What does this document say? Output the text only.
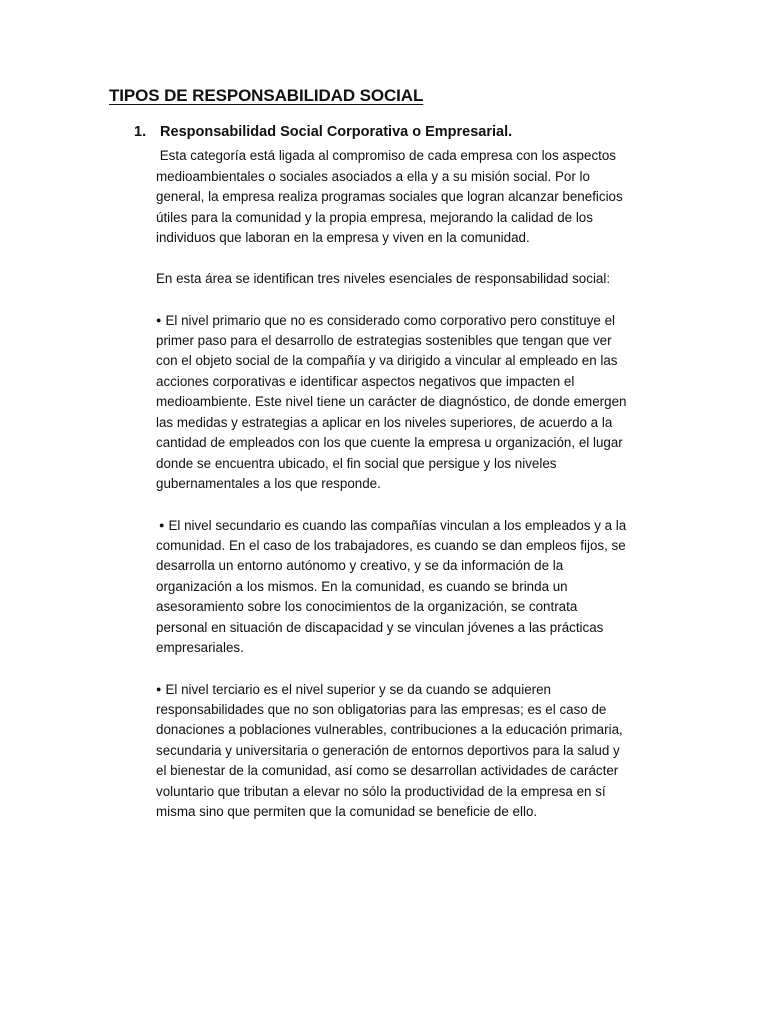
TIPOS DE RESPONSABILIDAD SOCIAL
1. Responsabilidad Social Corporativa o Empresarial.
Esta categoría está ligada al compromiso de cada empresa con los aspectos
medioambientales o sociales asociados a ella y a su misión social. Por lo
general, la empresa realiza programas sociales que logran alcanzar beneficios
útiles para la comunidad y la propia empresa, mejorando la calidad de los
individuos que laboran en la empresa y viven en la comunidad.
En esta área se identifican tres niveles esenciales de responsabilidad social:
● El nivel primario que no es considerado como corporativo pero constituye el
primer paso para el desarrollo de estrategias sostenibles que tengan que ver
con el objeto social de la compañía y va dirigido a vincular al empleado en las
acciones corporativas e identificar aspectos negativos que impacten el
medioambiente. Este nivel tiene un carácter de diagnóstico, de donde emergen
las medidas y estrategias a aplicar en los niveles superiores, de acuerdo a la
cantidad de empleados con los que cuente la empresa u organización, el lugar
donde se encuentra ubicado, el fin social que persigue y los niveles
gubernamentales a los que responde.
● El nivel secundario es cuando las compañías vinculan a los empleados y a la
comunidad. En el caso de los trabajadores, es cuando se dan empleos fijos, se
desarrolla un entorno autónomo y creativo, y se da información de la
organización a los mismos. En la comunidad, es cuando se brinda un
asesoramiento sobre los conocimientos de la organización, se contrata
personal en situación de discapacidad y se vinculan jóvenes a las prácticas
empresariales.
● El nivel terciario es el nivel superior y se da cuando se adquieren
responsabilidades que no son obligatorias para las empresas; es el caso de
donaciones a poblaciones vulnerables, contribuciones a la educación primaria,
secundaria y universitaria o generación de entornos deportivos para la salud y
el bienestar de la comunidad, así como se desarrollan actividades de carácter
voluntario que tributan a elevar no sólo la productividad de la empresa en sí
misma sino que permiten que la comunidad se beneficie de ello.
